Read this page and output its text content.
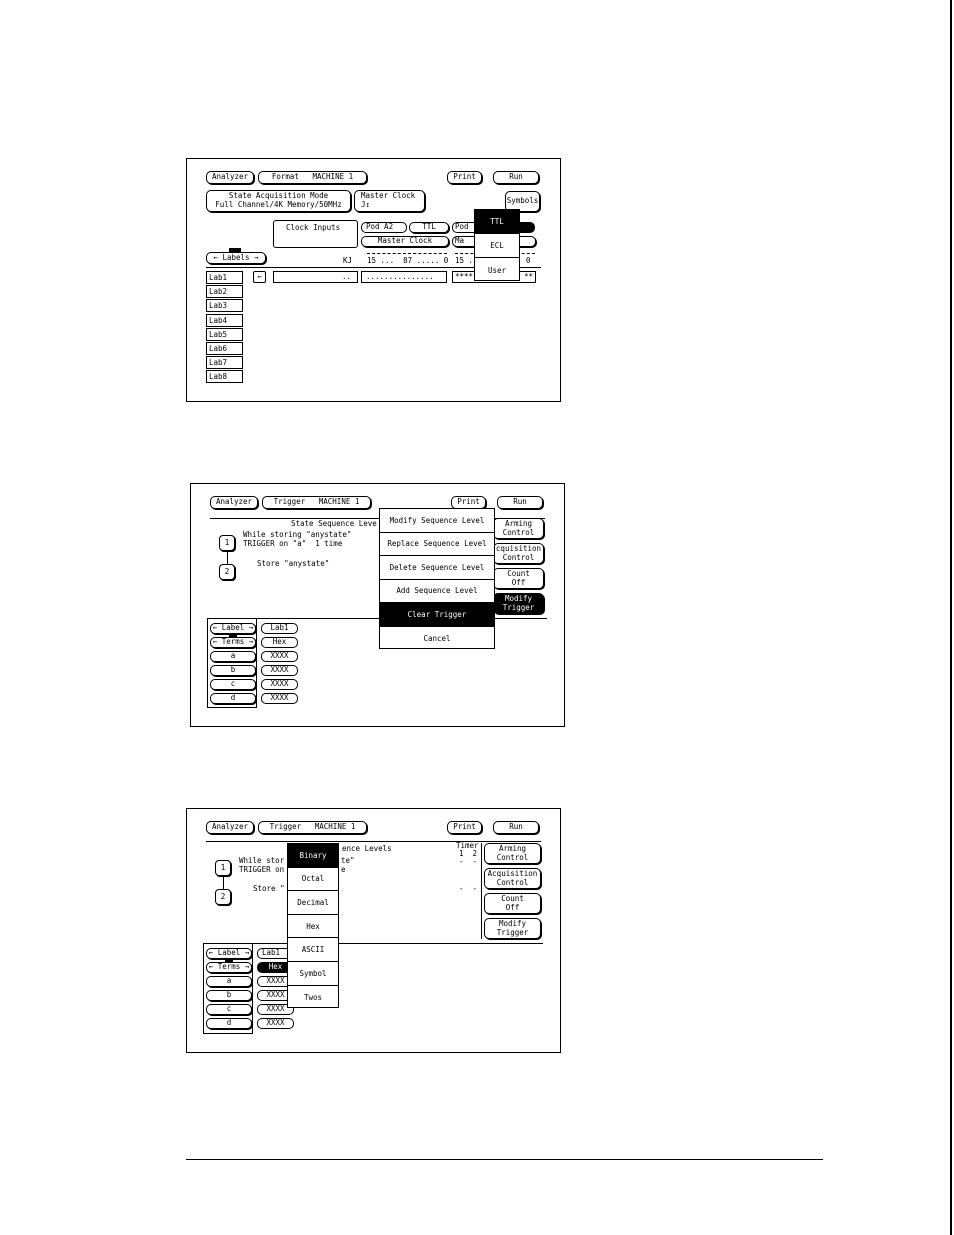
Analyzer	Format   MACHINE 1	Print	Run
State Acquisition Mode
Full Channel/4K Memory/50MHz
Master Clock
J↕	Symbols

Clock Inputs

	Pod A2	TTL	Pod
Master Clock	Ma
← Labels →	KJ 15 ...  87 ..... 0 15 .	0
←

	..

...............

	****

	**

Lab1
Lab2
Lab3
Lab4
Lab5
Lab6
Lab7
Lab8
TTL
ECL
User
Analyzer	Trigger   MACHINE 1	Print	Run
State Sequence Leve
While storing "anystate"
TRIGGER on "a"  1 time
Store "anystate"
1
2
Arming
Control
cquisition
Control
Count
Off
Modify
Trigger
← Label →
← Terms →
a
b
c
d
Lab1
Hex
XXXX
XXXX
XXXX
XXXX
Modify Sequence Level
Replace Sequence Level
Delete Sequence Level
Add Sequence Level
Clear Trigger
Cancel
Analyzer	Trigger   MACHINE 1	Print	Run
ence Levels	Timer
1  2
-  -
-  -
While stor	te"
TRIGGER on	e
Store "
1
2
Arming
Control
Acquisition
Control
Count
Off
Modify
Trigger
← Label →
← Terms →
a
b
c
d
Lab1
Hex
XXXX
XXXX
XXXX
XXXX
Binary
Octal
Decimal
Hex
ASCII
Symbol
Twos
